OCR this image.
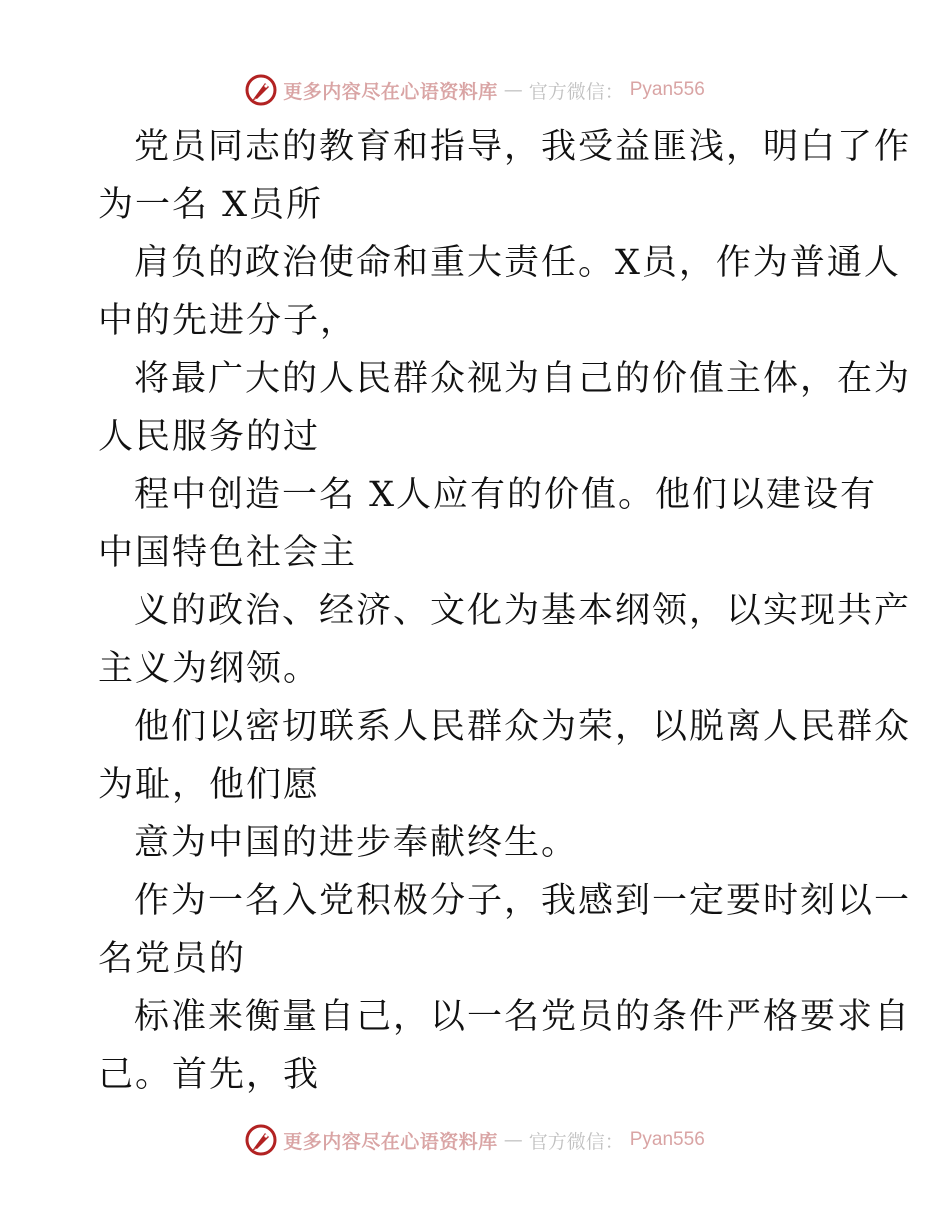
更多内容尽在心语资料库 — 官方微信： Pyan556
党员同志的教育和指导，我受益匪浅，明白了作
为一名 X员所
肩负的政治使命和重大责任。X员，作为普通人
中的先进分子，
将最广大的人民群众视为自己的价值主体，在为
人民服务的过
程中创造一名 X人应有的价值。他们以建设有
中国特色社会主
义的政治、经济、文化为基本纲领，以实现共产
主义为纲领。
他们以密切联系人民群众为荣，以脱离人民群众
为耻，他们愿
意为中国的进步奉献终生。
作为一名入党积极分子，我感到一定要时刻以一
名党员的
标准来衡量自己，以一名党员的条件严格要求自
己。首先，我
更多内容尽在心语资料库 — 官方微信： Pyan556
